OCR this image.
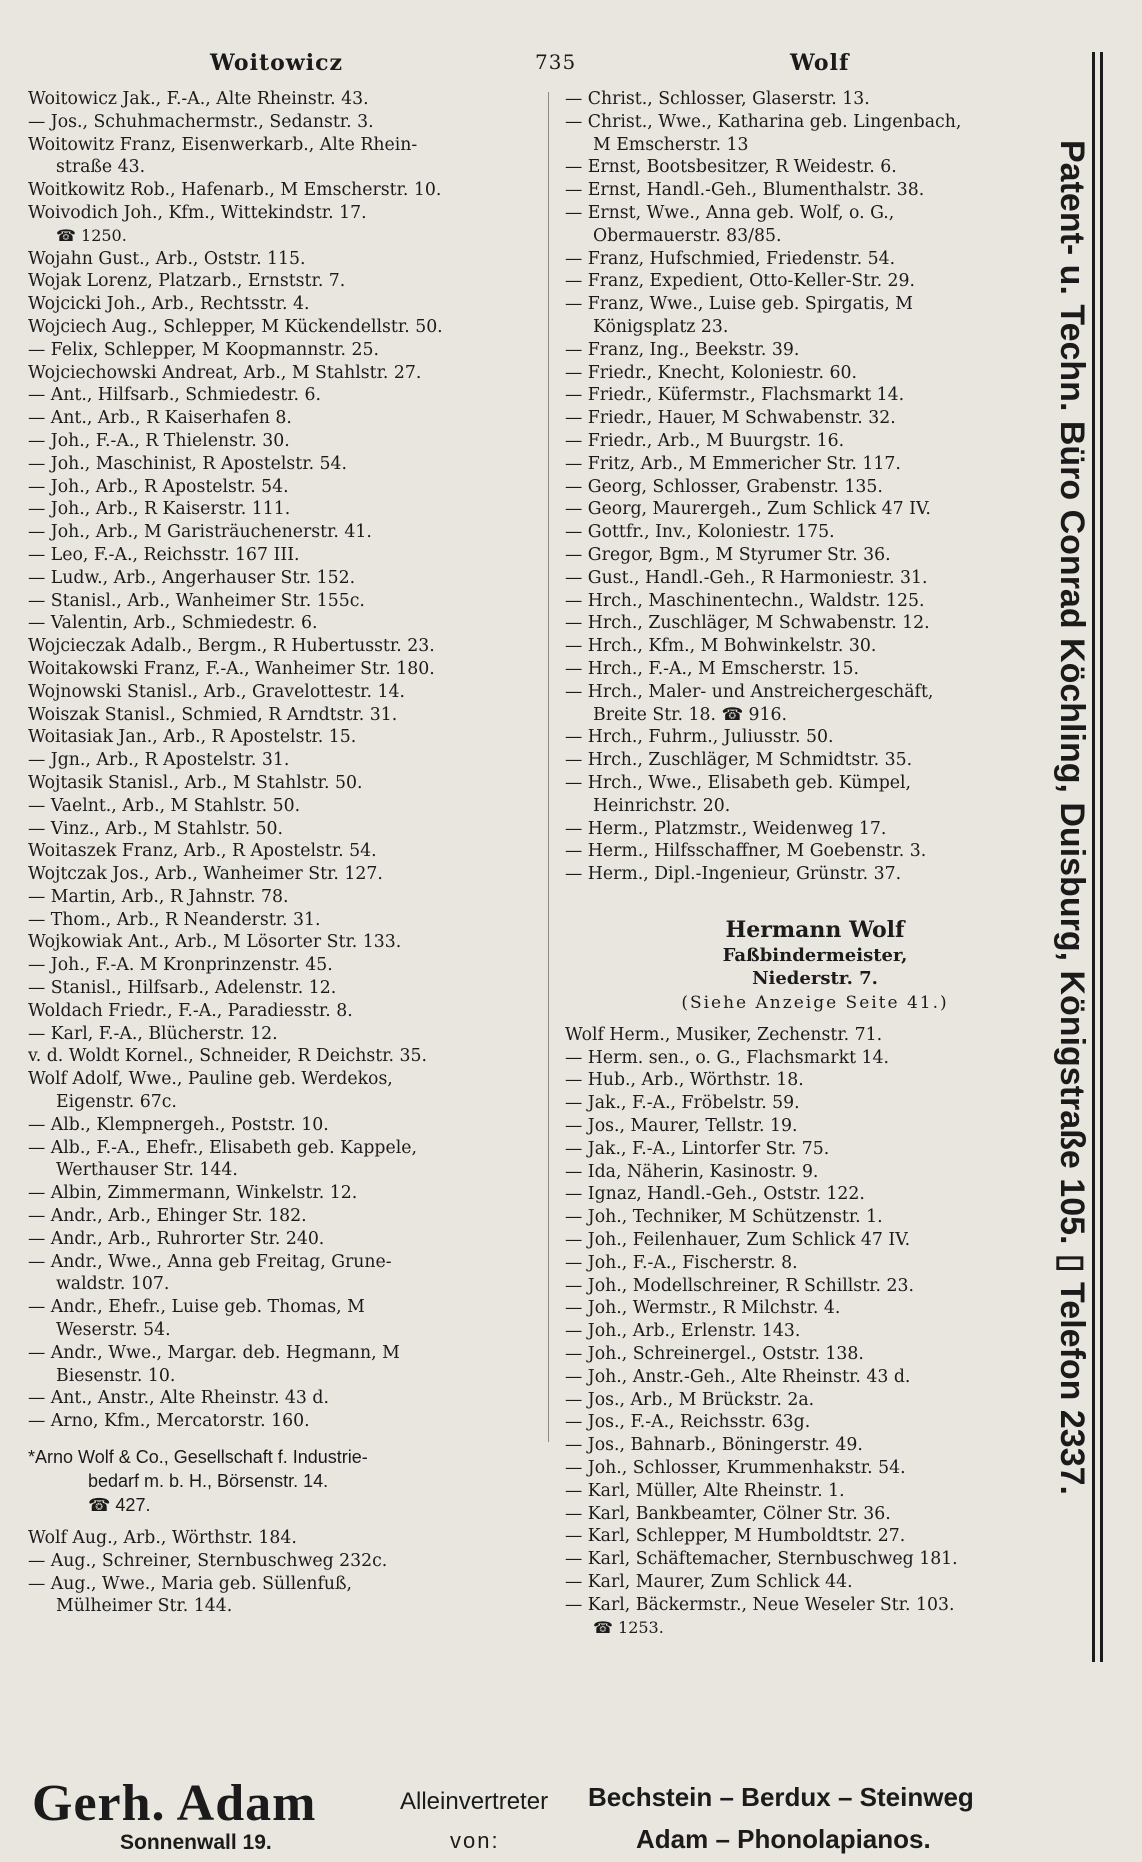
Woitowicz	735	Wolf
Woitowicz Jak., F.-A., Alte Rheinstr. 43.
— Jos., Schuhmachermstr., Sedanstr. 3.
Woitowitz Franz, Eisenwerkarb., Alte Rhein-
straße 43.
Woitkowitz Rob., Hafenarb., M Emscherstr. 10.
Woivodich Joh., Kfm., Wittekindstr. 17.
☎ 1250.
Wojahn Gust., Arb., Oststr. 115.
Wojak Lorenz, Platzarb., Ernststr. 7.
Wojcicki Joh., Arb., Rechtsstr. 4.
Wojciech Aug., Schlepper, M Kückendellstr. 50.
— Felix, Schlepper, M Koopmannstr. 25.
Wojciechowski Andreat, Arb., M Stahlstr. 27.
— Ant., Hilfsarb., Schmiedestr. 6.
— Ant., Arb., R Kaiserhafen 8.
— Joh., F.-A., R Thielenstr. 30.
— Joh., Maschinist, R Apostelstr. 54.
— Joh., Arb., R Apostelstr. 54.
— Joh., Arb., R Kaiserstr. 111.
— Joh., Arb., M Garisträuchenerstr. 41.
— Leo, F.-A., Reichsstr. 167 III.
— Ludw., Arb., Angerhauser Str. 152.
— Stanisl., Arb., Wanheimer Str. 155c.
— Valentin, Arb., Schmiedestr. 6.
Wojcieczak Adalb., Bergm., R Hubertusstr. 23.
Woitakowski Franz, F.-A., Wanheimer Str. 180.
Wojnowski Stanisl., Arb., Gravelottestr. 14.
Woiszak Stanisl., Schmied, R Arndtstr. 31.
Woitasiak Jan., Arb., R Apostelstr. 15.
— Jgn., Arb., R Apostelstr. 31.
Wojtasik Stanisl., Arb., M Stahlstr. 50.
— Vaelnt., Arb., M Stahlstr. 50.
— Vinz., Arb., M Stahlstr. 50.
Woitaszek Franz, Arb., R Apostelstr. 54.
Wojtczak Jos., Arb., Wanheimer Str. 127.
— Martin, Arb., R Jahnstr. 78.
— Thom., Arb., R Neanderstr. 31.
Wojkowiak Ant., Arb., M Lösorter Str. 133.
— Joh., F.-A. M Kronprinzenstr. 45.
— Stanisl., Hilfsarb., Adelenstr. 12.
Woldach Friedr., F.-A., Paradiesstr. 8.
— Karl, F.-A., Blücherstr. 12.
v. d. Woldt Kornel., Schneider, R Deichstr. 35.
Wolf Adolf, Wwe., Pauline geb. Werdekos,
Eigenstr. 67c.
— Alb., Klempnergeh., Poststr. 10.
— Alb., F.-A., Ehefr., Elisabeth geb. Kappele,
Werthauser Str. 144.
— Albin, Zimmermann, Winkelstr. 12.
— Andr., Arb., Ehinger Str. 182.
— Andr., Arb., Ruhrorter Str. 240.
— Andr., Wwe., Anna geb Freitag, Grune-
waldstr. 107.
— Andr., Ehefr., Luise geb. Thomas, M
Weserstr. 54.
— Andr., Wwe., Margar. deb. Hegmann, M
Biesenstr. 10.
— Ant., Anstr., Alte Rheinstr. 43 d.
— Arno, Kfm., Mercatorstr. 160.
*Arno Wolf & Co., Gesellschaft f. Industrie-
bedarf m. b. H., Börsenstr. 14.
☎ 427.
Wolf Aug., Arb., Wörthstr. 184.
— Aug., Schreiner, Sternbuschweg 232c.
— Aug., Wwe., Maria geb. Süllenfuß,
Mülheimer Str. 144.
— Christ., Schlosser, Glaserstr. 13.
— Christ., Wwe., Katharina geb. Lingenbach,
M Emscherstr. 13
— Ernst, Bootsbesitzer, R Weidestr. 6.
— Ernst, Handl.-Geh., Blumenthalstr. 38.
— Ernst, Wwe., Anna geb. Wolf, o. G.,
Obermauerstr. 83/85.
— Franz, Hufschmied, Friedenstr. 54.
— Franz, Expedient, Otto-Keller-Str. 29.
— Franz, Wwe., Luise geb. Spirgatis, M
Königsplatz 23.
— Franz, Ing., Beekstr. 39.
— Friedr., Knecht, Koloniestr. 60.
— Friedr., Küfermstr., Flachsmarkt 14.
— Friedr., Hauer, M Schwabenstr. 32.
— Friedr., Arb., M Buurgstr. 16.
— Fritz, Arb., M Emmericher Str. 117.
— Georg, Schlosser, Grabenstr. 135.
— Georg, Maurergeh., Zum Schlick 47 IV.
— Gottfr., Inv., Koloniestr. 175.
— Gregor, Bgm., M Styrumer Str. 36.
— Gust., Handl.-Geh., R Harmoniestr. 31.
— Hrch., Maschinentechn., Waldstr. 125.
— Hrch., Zuschläger, M Schwabenstr. 12.
— Hrch., Kfm., M Bohwinkelstr. 30.
— Hrch., F.-A., M Emscherstr. 15.
— Hrch., Maler- und Anstreichergeschäft,
Breite Str. 18. ☎ 916.
— Hrch., Fuhrm., Juliusstr. 50.
— Hrch., Zuschläger, M Schmidtstr. 35.
— Hrch., Wwe., Elisabeth geb. Kümpel,
Heinrichstr. 20.
— Herm., Platzmstr., Weidenweg 17.
— Herm., Hilfsschaffner, M Goebenstr. 3.
— Herm., Dipl.-Ingenieur, Grünstr. 37.
Hermann Wolf
Faßbindermeister,
Niederstr. 7.
(Siehe Anzeige Seite 41.)
Wolf Herm., Musiker, Zechenstr. 71.
— Herm. sen., o. G., Flachsmarkt 14.
— Hub., Arb., Wörthstr. 18.
— Jak., F.-A., Fröbelstr. 59.
— Jos., Maurer, Tellstr. 19.
— Jak., F.-A., Lintorfer Str. 75.
— Ida, Näherin, Kasinostr. 9.
— Ignaz, Handl.-Geh., Oststr. 122.
— Joh., Techniker, M Schützenstr. 1.
— Joh., Feilenhauer, Zum Schlick 47 IV.
— Joh., F.-A., Fischerstr. 8.
— Joh., Modellschreiner, R Schillstr. 23.
— Joh., Wermstr., R Milchstr. 4.
— Joh., Arb., Erlenstr. 143.
— Joh., Schreinergel., Oststr. 138.
— Joh., Anstr.-Geh., Alte Rheinstr. 43 d.
— Jos., Arb., M Brückstr. 2a.
— Jos., F.-A., Reichsstr. 63g.
— Jos., Bahnarb., Böningerstr. 49.
— Joh., Schlosser, Krummenhakstr. 54.
— Karl, Müller, Alte Rheinstr. 1.
— Karl, Bankbeamter, Cölner Str. 36.
— Karl, Schlepper, M Humboldtstr. 27.
— Karl, Schäftemacher, Sternbuschweg 181.
— Karl, Maurer, Zum Schlick 44.
— Karl, Bäckermstr., Neue Weseler Str. 103.
☎ 1253.
Patent- u. Techn. Büro Conrad Köchling, Duisburg, Königstraße 105. ▯ Telefon 2337.
Gerh. Adam
Sonnenwall 19.
Alleinvertreter
von:
Bechstein – Berdux – Steinweg
Adam – Phonolapianos.
